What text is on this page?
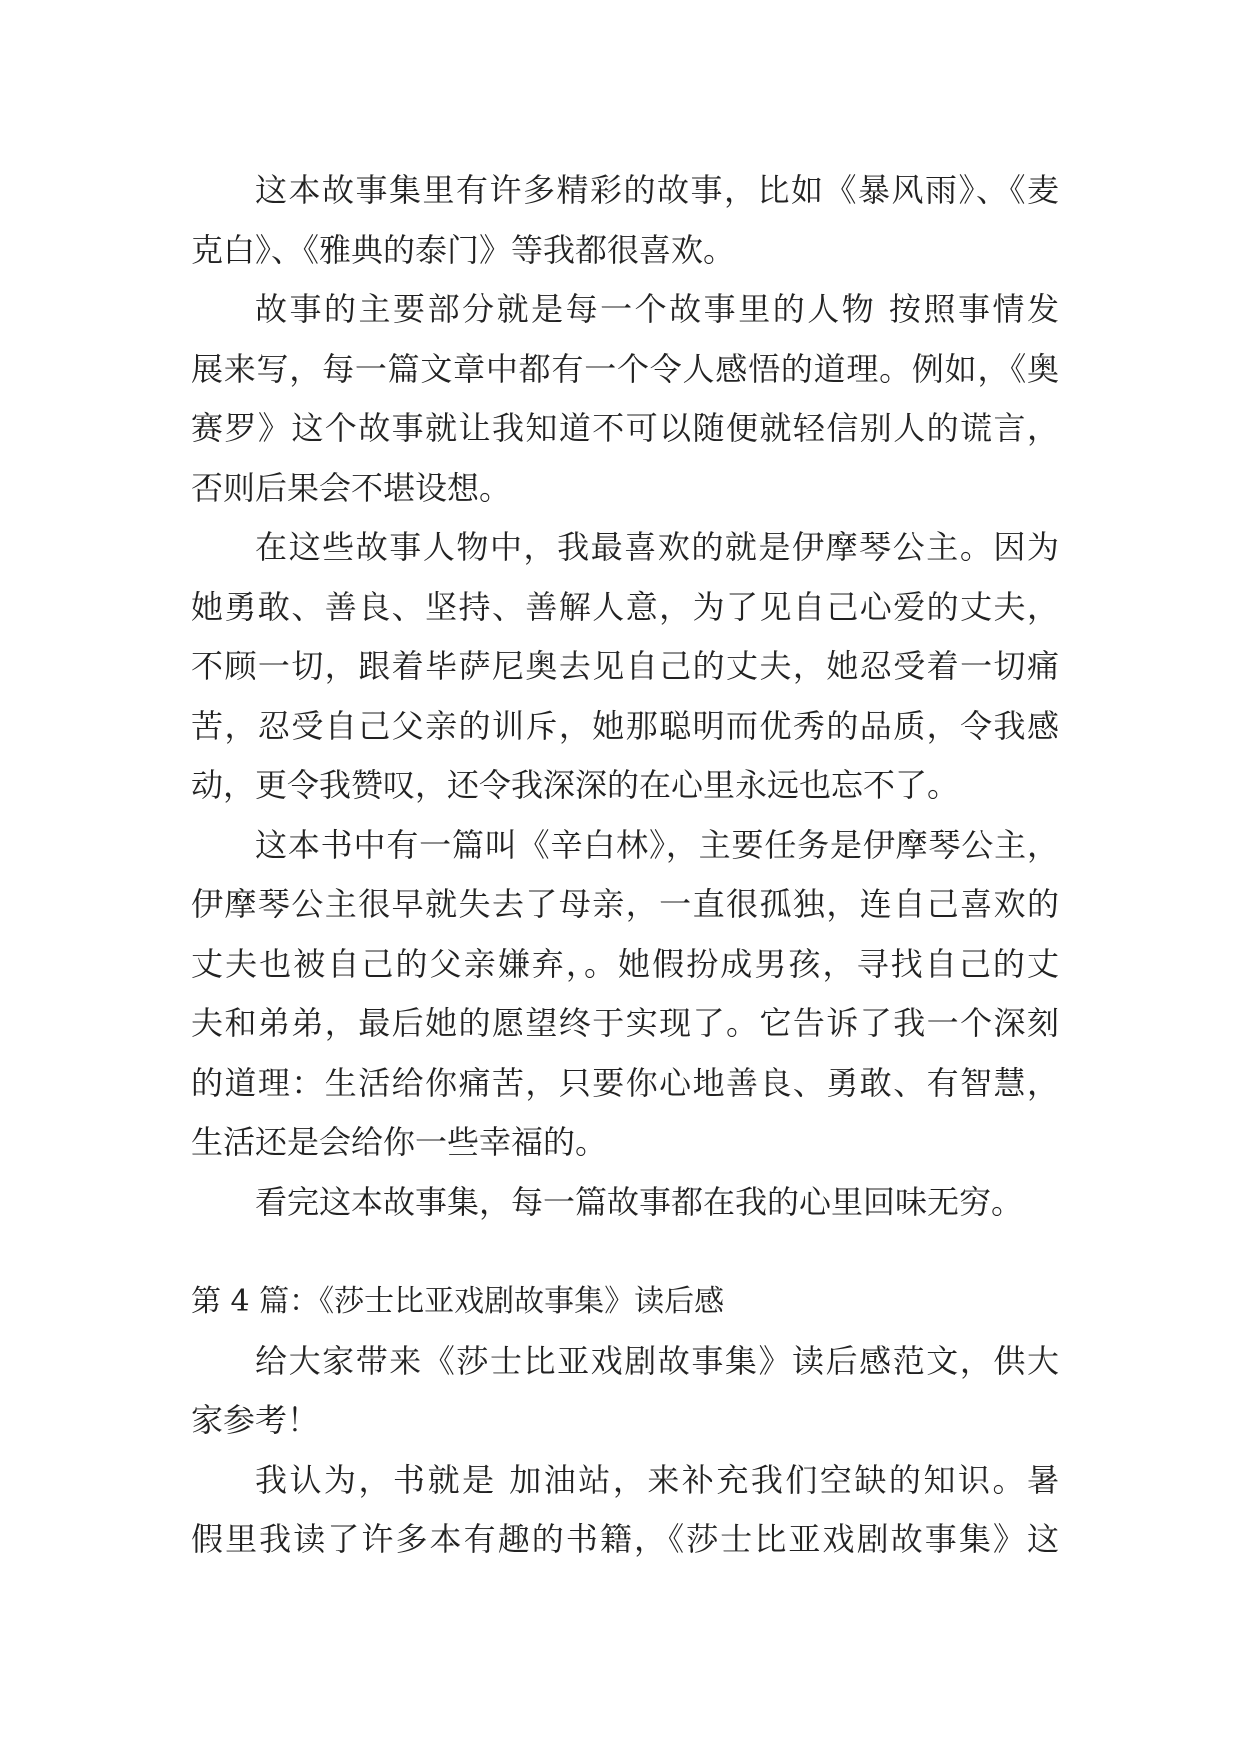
这本故事集里有许多精彩的故事，比如《暴风雨》、《麦
克白》、《雅典的泰门》等我都很喜欢。
故事的主要部分就是每一个故事里的人物 按照事情发
展来写，每一篇文章中都有一个令人感悟的道理。例如，《奥
赛罗》这个故事就让我知道不可以随便就轻信别人的谎言，
否则后果会不堪设想。
在这些故事人物中，我最喜欢的就是伊摩琴公主。因为
她勇敢、善良、坚持、善解人意，为了见自己心爱的丈夫，
不顾一切，跟着毕萨尼奥去见自己的丈夫，她忍受着一切痛
苦，忍受自己父亲的训斥，她那聪明而优秀的品质，令我感
动，更令我赞叹，还令我深深的在心里永远也忘不了。
这本书中有一篇叫《辛白林》，主要任务是伊摩琴公主，
伊摩琴公主很早就失去了母亲，一直很孤独，连自己喜欢的
丈夫也被自己的父亲嫌弃，。她假扮成男孩，寻找自己的丈
夫和弟弟，最后她的愿望终于实现了。它告诉了我一个深刻
的道理：生活给你痛苦，只要你心地善良、勇敢、有智慧，
生活还是会给你一些幸福的。
看完这本故事集，每一篇故事都在我的心里回味无穷。
第 4 篇：《莎士比亚戏剧故事集》读后感
给大家带来《莎士比亚戏剧故事集》读后感范文，供大
家参考！
我认为，书就是 加油站，来补充我们空缺的知识。暑
假里我读了许多本有趣的书籍，《莎士比亚戏剧故事集》这
